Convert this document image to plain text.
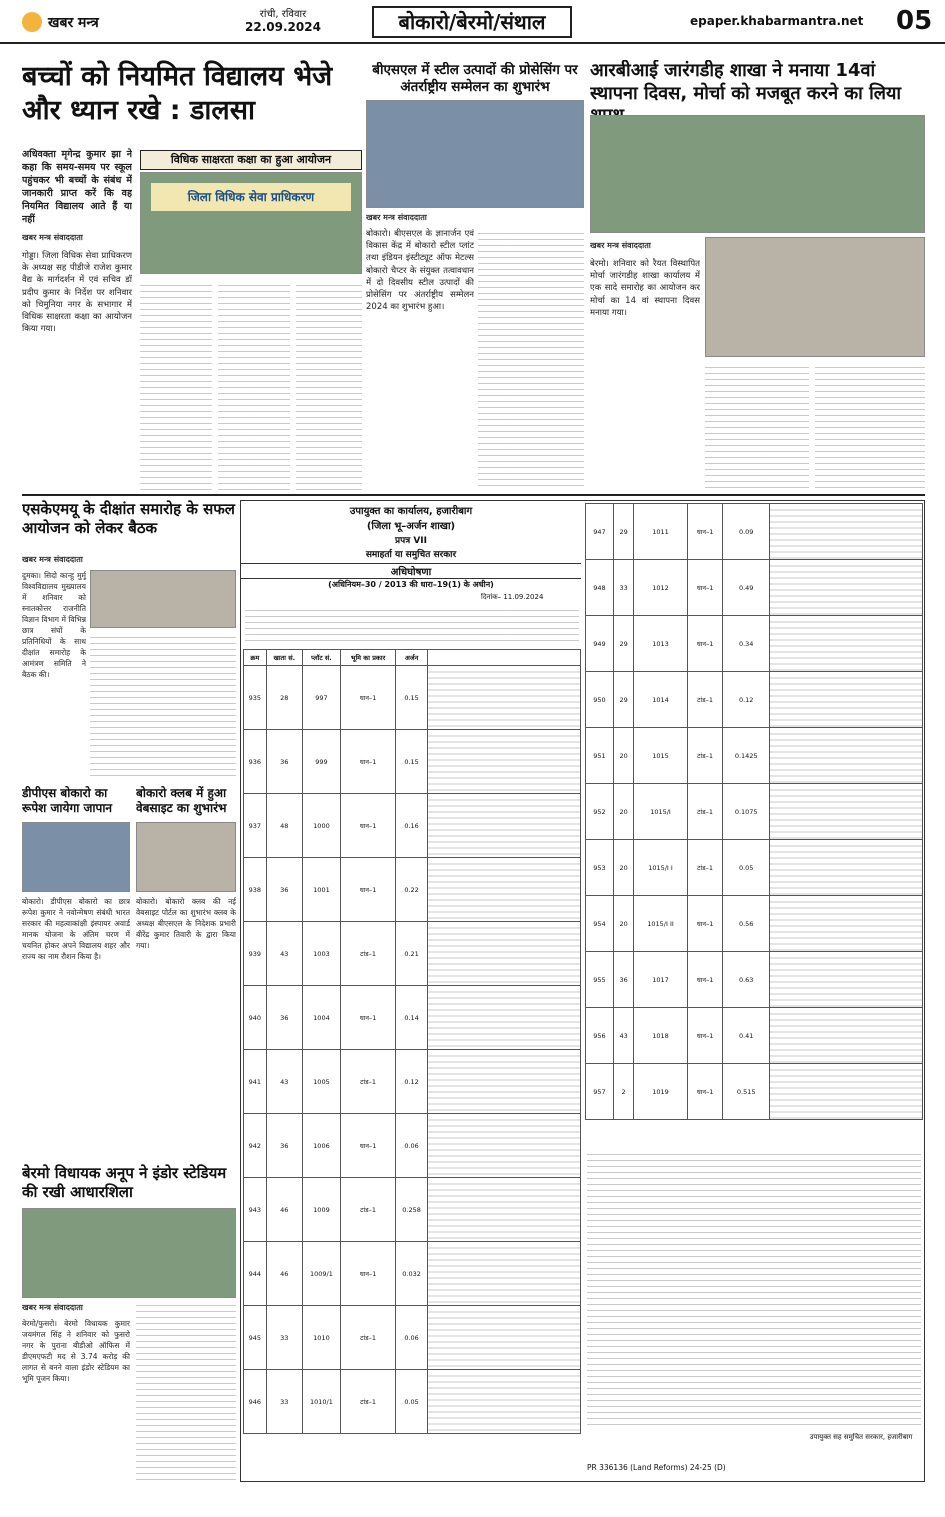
खबर मन्त्र	रांची, रविवार
22.09.2024	बोकारो/बेरमो/संथाल	epaper.khabarmantra.net 05
बच्चों को नियमित विद्यालय भेजे और ध्यान रखे : डालसा
अधिवक्ता मृगेन्द्र कुमार झा ने कहा कि समय-समय पर स्कूल पहुंचकर भी बच्चों के संबंध में जानकारी प्राप्त करें कि वह नियमित विद्यालय आते हैं या नहीं
खबर मन्त्र संवाददाता
विधिक साक्षरता कक्षा का हुआ आयोजन
जिला विधिक सेवा प्राधिकरण
गोड्डा। जिला विधिक सेवा प्राधिकरण के अध्यक्ष सह पीडीजे राजेश कुमार वैद्य के मार्गदर्शन में एवं सचिव डॉ प्रदीप कुमार के निर्देश पर शनिवार को चिमुनिया नगर के सभागार में विधिक साक्षरता कक्षा का आयोजन किया गया।
बीएसएल में स्टील उत्पादों की प्रोसेसिंग पर अंतर्राष्ट्रीय सम्मेलन का शुभारंभ
खबर मन्त्र संवाददाता
बोकारो। बीएसएल के ज्ञानार्जन एवं विकास केंद्र में बोकारो स्टील प्लांट तथा इंडियन इंस्टीट्यूट ऑफ मेटल्स बोकारो चैप्टर के संयुक्त तत्वावधान में दो दिवसीय स्टील उत्पादों की प्रोसेसिंग पर अंतर्राष्ट्रीय सम्मेलन 2024 का शुभारंभ हुआ।
आरबीआई जारंगडीह शाखा ने मनाया 14वां स्थापना दिवस, मोर्चा को मजबूत करने का लिया
खबर मन्त्र संवाददाता
बेरमो। शनिवार को रैयत विस्थापित मोर्चा जारंगडीह शाखा कार्यालय में एक सादे समारोह का आयोजन कर मोर्चा का 14 वां स्थापना दिवस मनाया गया।
एसकेएमयू के दीक्षांत समारोह के सफल आयोजन को लेकर बैठक
खबर मन्त्र संवाददाता
दुमका। सिदो कान्हु मुर्मू विश्वविद्यालय मुख्यालय में शनिवार को स्नातकोत्तर राजनीति विज्ञान विभाग में विभिन्न छात्र संघों के प्रतिनिधियों के साथ दीक्षांत समारोह के आमंत्रण समिति ने बैठक की।
डीपीएस बोकारो का रूपेश जायेगा जापान
बोकारो। डीपीएस बोकारो का छात्र रूपेश कुमार ने नवोन्मेषण संबंधी भारत सरकार की महत्वाकांक्षी इंस्पायर अवार्ड मानक योजना के अंतिम चरण में चयनित होकर अपने विद्यालय शहर और राज्य का नाम रौशन किया है।
बोकारो क्लब में हुआ वेबसाइट का शुभारंभ
बोकारो। बोकारो क्लब की नई वेबसाइट पोर्टल का शुभारंभ क्लब के अध्यक्ष बीएसएल के निदेशक प्रभारी बीरेंद्र कुमार तिवारी के द्वारा किया गया।
बेरमो विधायक अनूप ने इंडोर स्टेडियम की रखी आधारशिला
खबर मन्त्र संवाददाता
बेरमो/फुसरो। बेरमो विधायक कुमार जयमंगल सिंह ने शनिवार को फुसरो नगर के पुराना बीडीओ ऑफिस में डीएमएफटी मद से 3.74 करोड़ की लागत से बनने वाला इंडोर स्टेडियम का भूमि पूजन किया।
उपायुक्त का कार्यालय, हजारीबाग
(जिला भू–अर्जन शाखा)
प्रपत्र VII
समाहर्ता या समुचित सरकार
अधिघोषणा
(अधिनियम–30 / 2013 की धारा–19(1) के अधीन)
दिनांक– 11.09.2024
क्रम	खाता सं.	प्लॉट सं.	भूमि का प्रकार	अर्जन	
935	28	997	धान–1	0.15	
936	36	999	धान–1	0.15	
937	48	1000	धान–1	0.16	
938	36	1001	धान–1	0.22	
939	43	1003	टांड–1	0.21	
940	36	1004	धान–1	0.14	
941	43	1005	टांड–1	0.12	
942	36	1006	धान–1	0.06	
943	46	1009	टांड–1	0.258	
944	46	1009/1	धान–1	0.032	
945	33	1010	टांड–1	0.06	
946	33	1010/1	टांड–1	0.05	
947	29	1011	धान–1	0.09	
948	33	1012	धान–1	0.49	
949	29	1013	धान–1	0.34	
950	29	1014	टांड–1	0.12	
951	20	1015	टांड–1	0.1425	
952	20	1015/I	टांड–1	0.1075	
953	20	1015/I I	टांड–1	0.05	
954	20	1015/I II	धान–1	0.56	
955	36	1017	धान–1	0.63	
956	43	1018	धान–1	0.41	
957	2	1019	धान–1	0.515	
उपायुक्त सह समुचित सरकार, हजारीबाग
PR 336136 (Land Reforms) 24-25 (D)
